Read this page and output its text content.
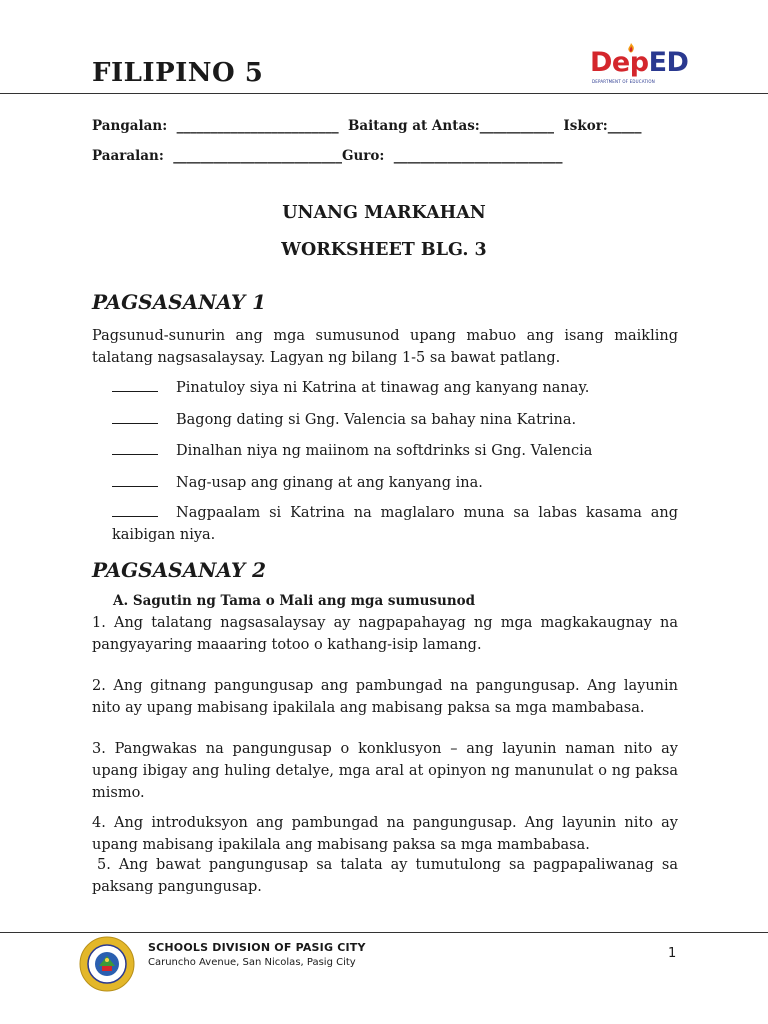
FILIPINO 5	DepED
DEPARTMENT OF EDUCATION
Pangalan:  ________________________  Baitang at Antas:___________  Iskor:_____
Paaralan:  _________________________Guro:  _________________________
UNANG MARKAHAN
WORKSHEET BLG. 3
PAGSASANAY 1
Pagsunud-sunurin ang mga sumusunod upang mabuo ang isang maikling talatang nagsasalaysay. Lagyan ng bilang 1-5 sa bawat patlang.
Pinatuloy siya ni Katrina at tinawag ang kanyang nanay.
Bagong dating si Gng. Valencia sa bahay nina Katrina.
Dinalhan niya ng maiinom na softdrinks si Gng. Valencia
Nag-usap ang ginang at ang kanyang ina.
Nagpaalam si Katrina na maglalaro muna sa labas kasama ang kaibigan niya.
PAGSASANAY 2
A. Sagutin ng Tama o Mali ang mga sumusunod
1. Ang talatang nagsasalaysay ay nagpapahayag ng mga magkakaugnay na pangyayaring maaaring totoo o kathang-isip lamang.
2. Ang gitnang pangungusap ang pambungad na pangungusap. Ang layunin nito ay upang mabisang ipakilala ang mabisang paksa sa mga mambabasa.
3. Pangwakas na pangungusap o konklusyon – ang layunin naman nito ay upang ibigay ang huling detalye, mga aral at opinyon ng manunulat o ng paksa mismo.
4. Ang introduksyon ang pambungad na pangungusap. Ang layunin nito ay upang mabisang ipakilala ang mabisang paksa sa mga mambabasa.
5. Ang bawat pangungusap sa talata ay tumutulong sa pagpapaliwanag sa paksang pangungusap.
SCHOOLS DIVISION OF PASIG CITY
Caruncho Avenue, San Nicolas, Pasig City
1
